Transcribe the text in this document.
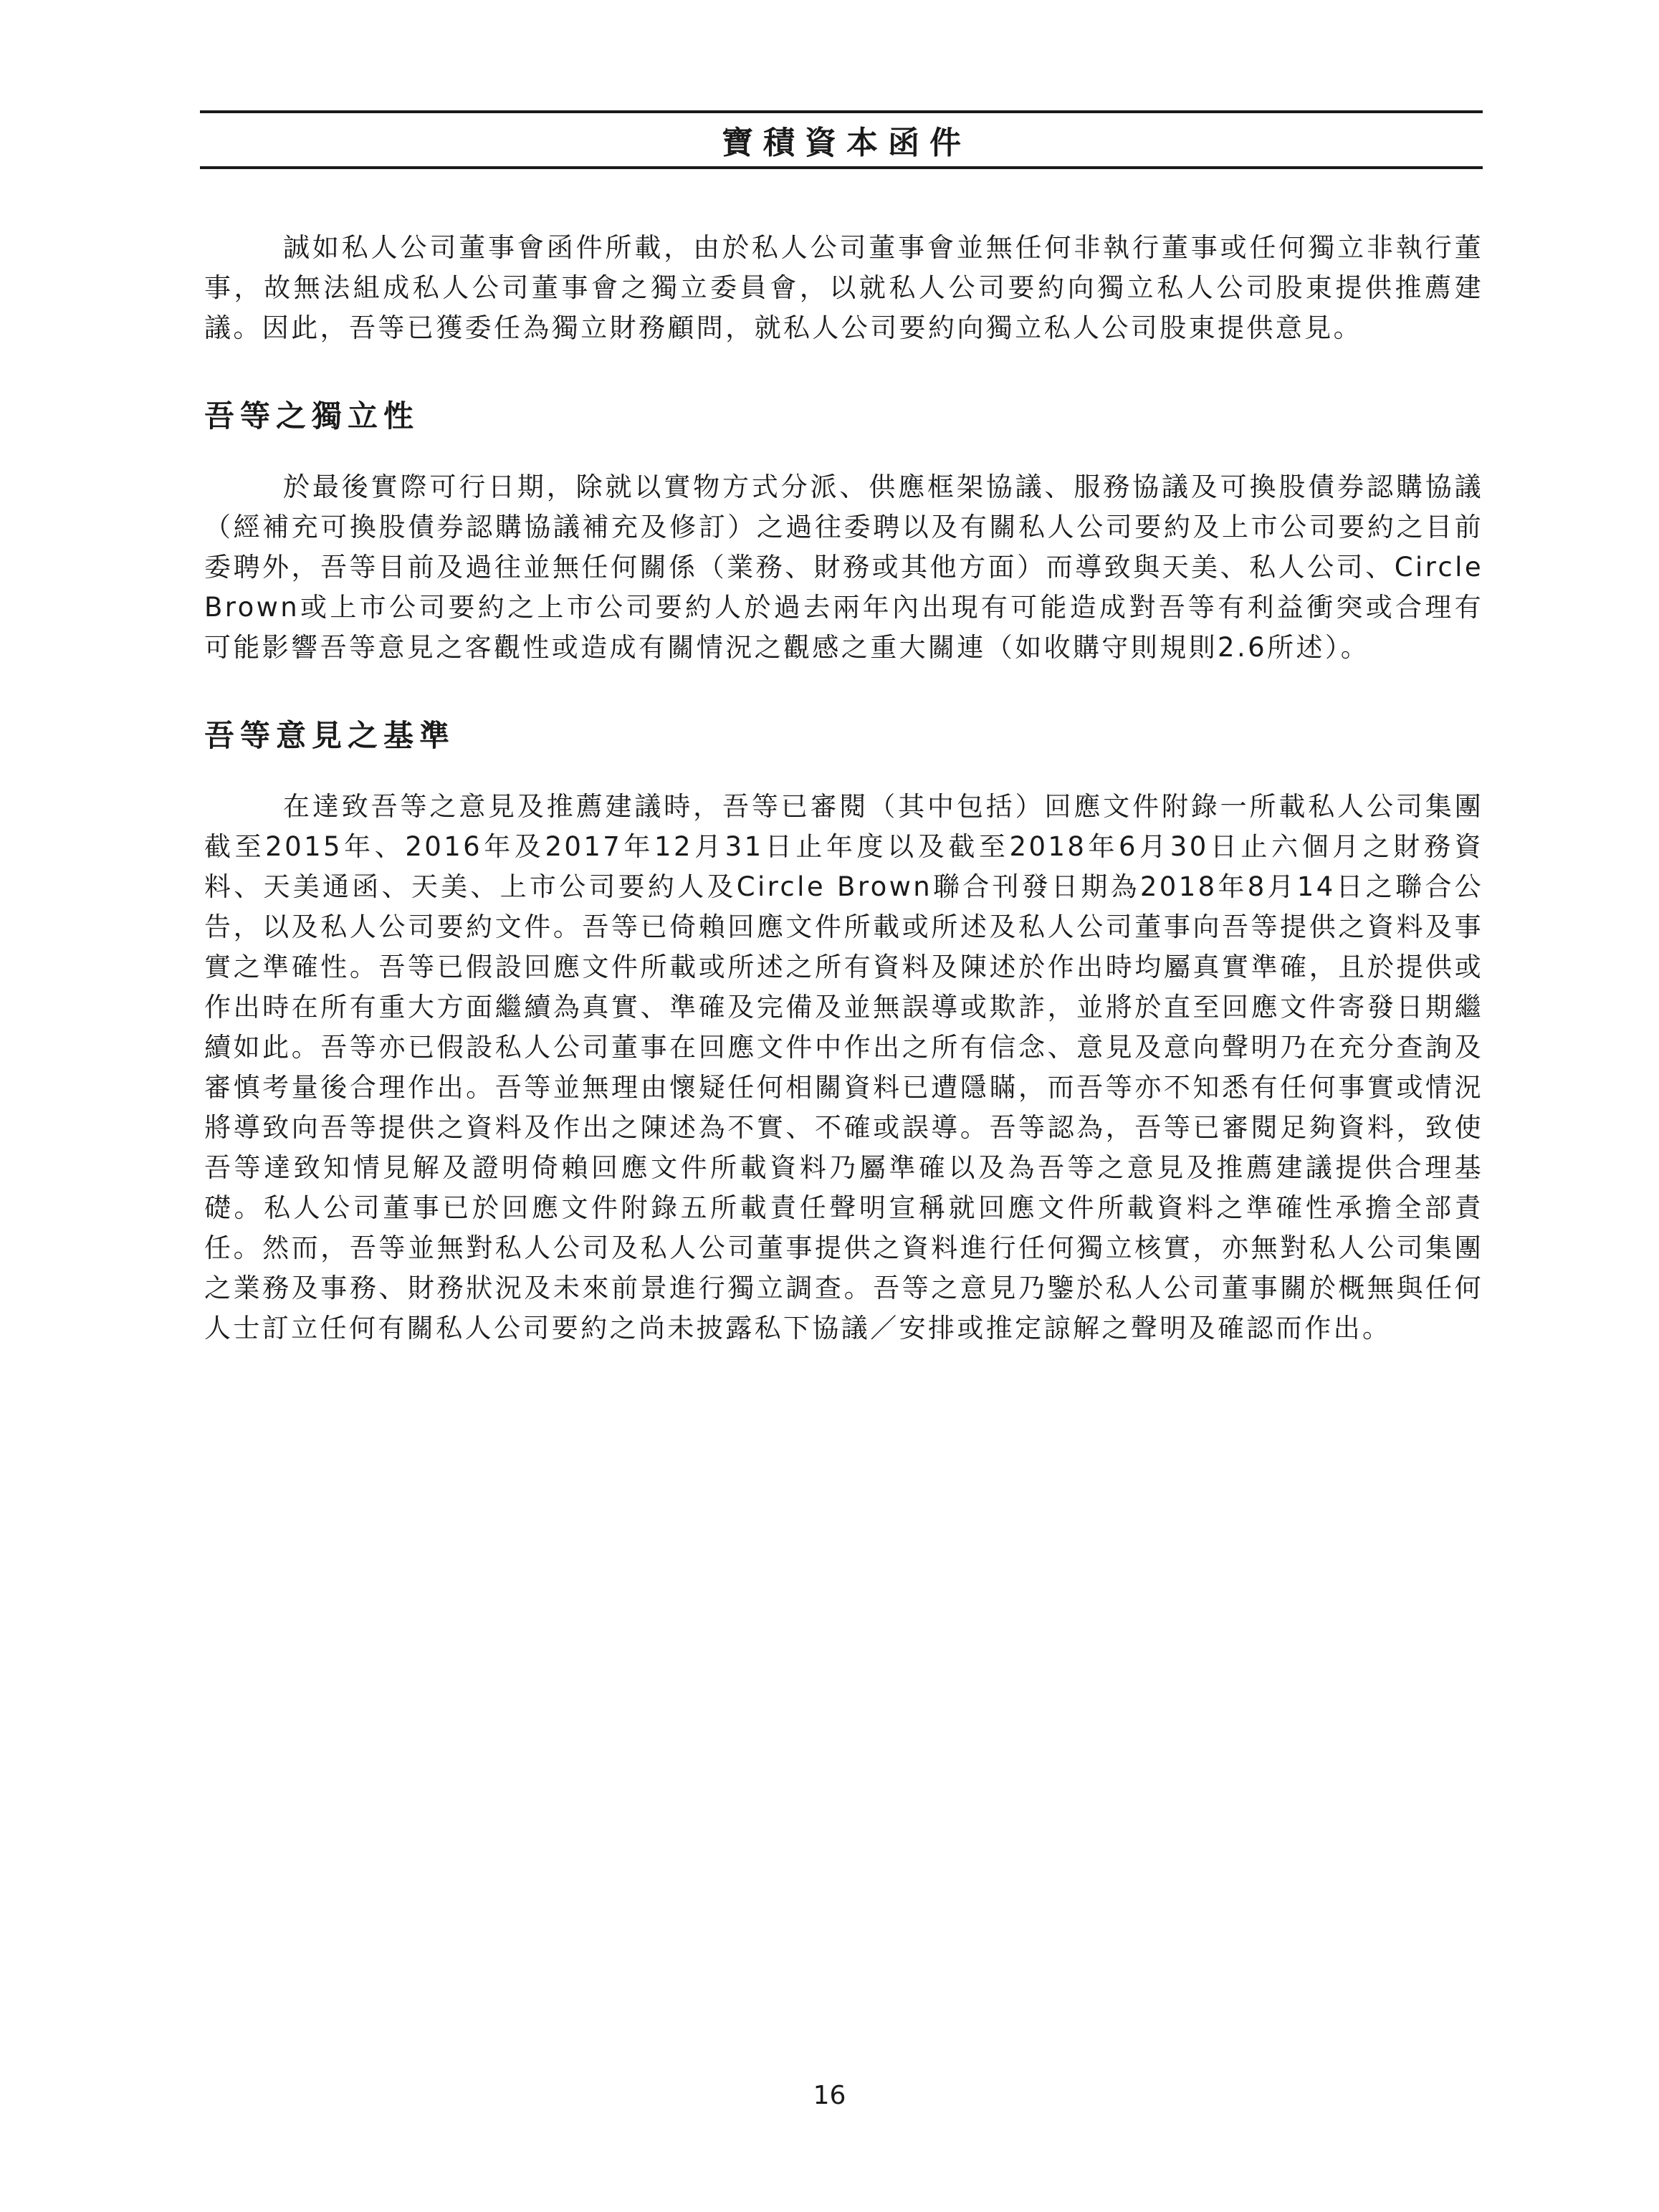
寶積資本函件

誠如私人公司董事會函件所載，由於私人公司董事會並無任何非執行董事或任何獨立非執行董事，故無法組成私人公司董事會之獨立委員會，以就私人公司要約向獨立私人公司股東提供推薦建議。因此，吾等已獲委任為獨立財務顧問，就私人公司要約向獨立私人公司股東提供意見。

吾等之獨立性

於最後實際可行日期，除就以實物方式分派、供應框架協議、服務協議及可換股債券認購協議（經補充可換股債券認購協議補充及修訂）之過往委聘以及有關私人公司要約及上市公司要約之目前委聘外，吾等目前及過往並無任何關係（業務、財務或其他方面）而導致與天美、私人公司、Circle Brown或上市公司要約之上市公司要約人於過去兩年內出現有可能造成對吾等有利益衝突或合理有可能影響吾等意見之客觀性或造成有關情況之觀感之重大關連（如收購守則規則2.6所述）。

吾等意見之基準

在達致吾等之意見及推薦建議時，吾等已審閱（其中包括）回應文件附錄一所載私人公司集團截至2015年、2016年及2017年12月31日止年度以及截至2018年6月30日止六個月之財務資料、天美通函、天美、上市公司要約人及Circle Brown聯合刊發日期為2018年8月14日之聯合公告，以及私人公司要約文件。吾等已倚賴回應文件所載或所述及私人公司董事向吾等提供之資料及事實之準確性。吾等已假設回應文件所載或所述之所有資料及陳述於作出時均屬真實準確，且於提供或作出時在所有重大方面繼續為真實、準確及完備及並無誤導或欺詐，並將於直至回應文件寄發日期繼續如此。吾等亦已假設私人公司董事在回應文件中作出之所有信念、意見及意向聲明乃在充分查詢及審慎考量後合理作出。吾等並無理由懷疑任何相關資料已遭隱瞞，而吾等亦不知悉有任何事實或情況將導致向吾等提供之資料及作出之陳述為不實、不確或誤導。吾等認為，吾等已審閱足夠資料，致使吾等達致知情見解及證明倚賴回應文件所載資料乃屬準確以及為吾等之意見及推薦建議提供合理基礎。私人公司董事已於回應文件附錄五所載責任聲明宣稱就回應文件所載資料之準確性承擔全部責任。然而，吾等並無對私人公司及私人公司董事提供之資料進行任何獨立核實，亦無對私人公司集團之業務及事務、財務狀況及未來前景進行獨立調查。吾等之意見乃鑒於私人公司董事關於概無與任何人士訂立任何有關私人公司要約之尚未披露私下協議／安排或推定諒解之聲明及確認而作出。

16
